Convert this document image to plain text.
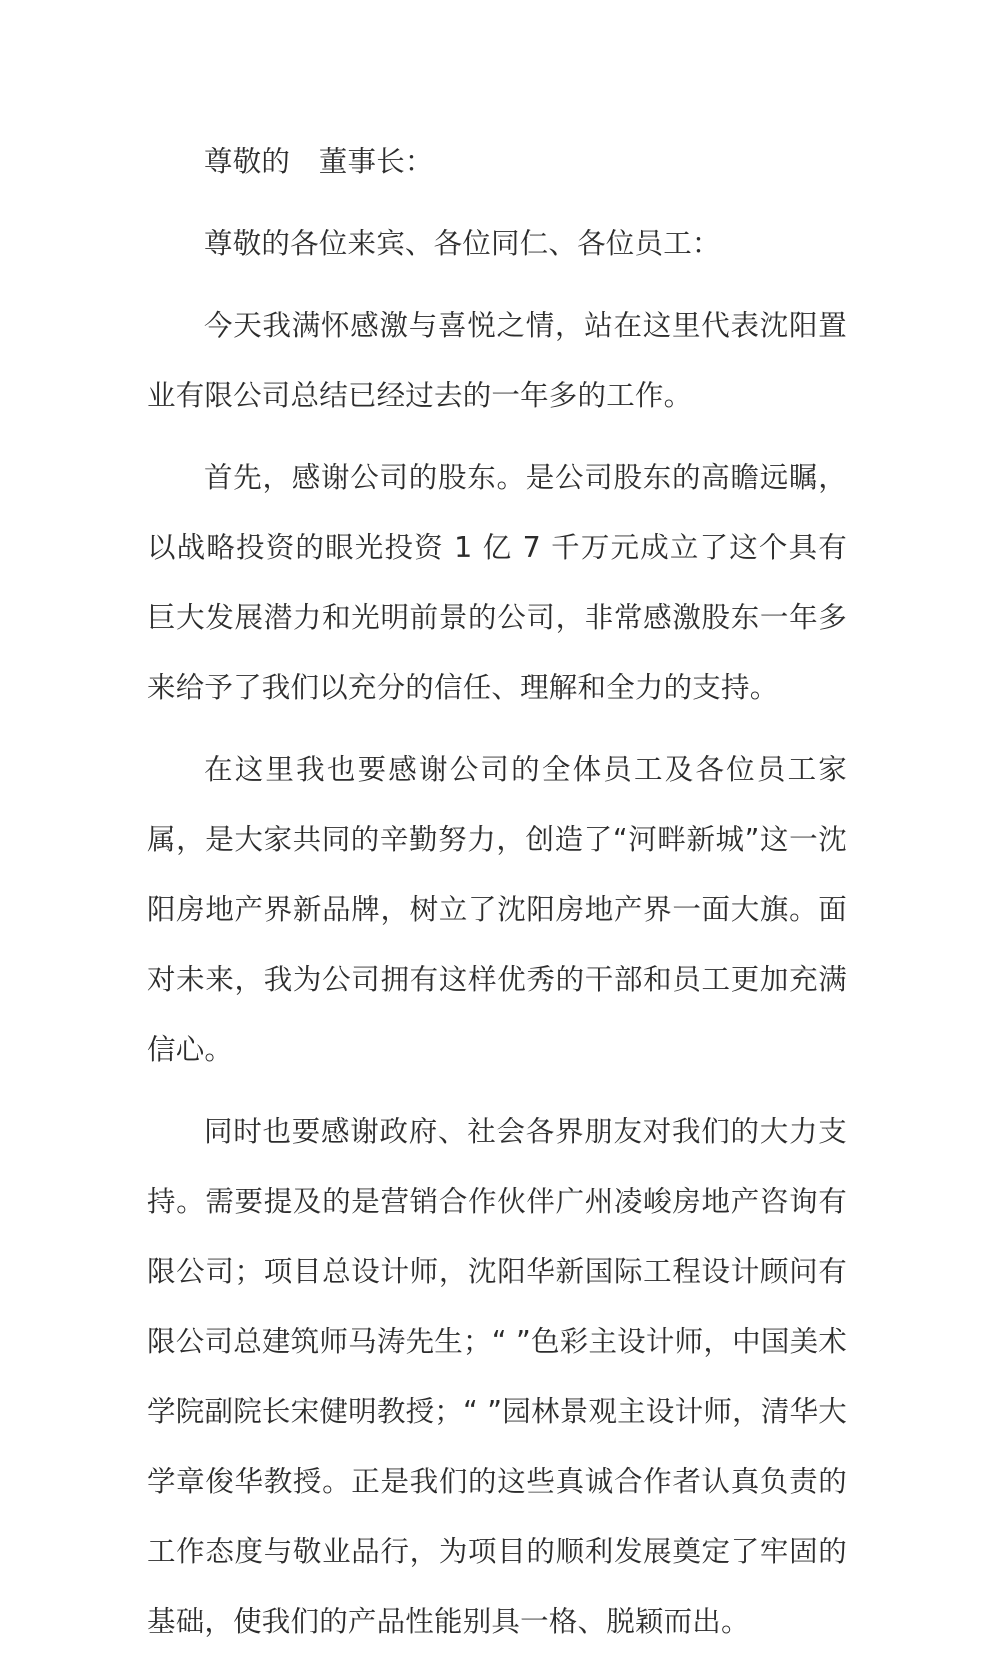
尊敬的　董事长：

尊敬的各位来宾、各位同仁、各位员工：

今天我满怀感激与喜悦之情，站在这里代表沈阳置业有限公司总结已经过去的一年多的工作。

首先，感谢公司的股东。是公司股东的高瞻远瞩，以战略投资的眼光投资 1 亿 7 千万元成立了这个具有巨大发展潜力和光明前景的公司，非常感激股东一年多来给予了我们以充分的信任、理解和全力的支持。

在这里我也要感谢公司的全体员工及各位员工家属，是大家共同的辛勤努力，创造了“河畔新城”这一沈阳房地产界新品牌，树立了沈阳房地产界一面大旗。面对未来，我为公司拥有这样优秀的干部和员工更加充满信心。

同时也要感谢政府、社会各界朋友对我们的大力支持。需要提及的是营销合作伙伴广州凌峻房地产咨询有限公司；项目总设计师，沈阳华新国际工程设计顾问有限公司总建筑师马涛先生；“ ”色彩主设计师，中国美术学院副院长宋健明教授；“ ”园林景观主设计师，清华大学章俊华教授。正是我们的这些真诚合作者认真负责的工作态度与敬业品行，为项目的顺利发展奠定了牢固的基础，使我们的产品性能别具一格、脱颖而出。
